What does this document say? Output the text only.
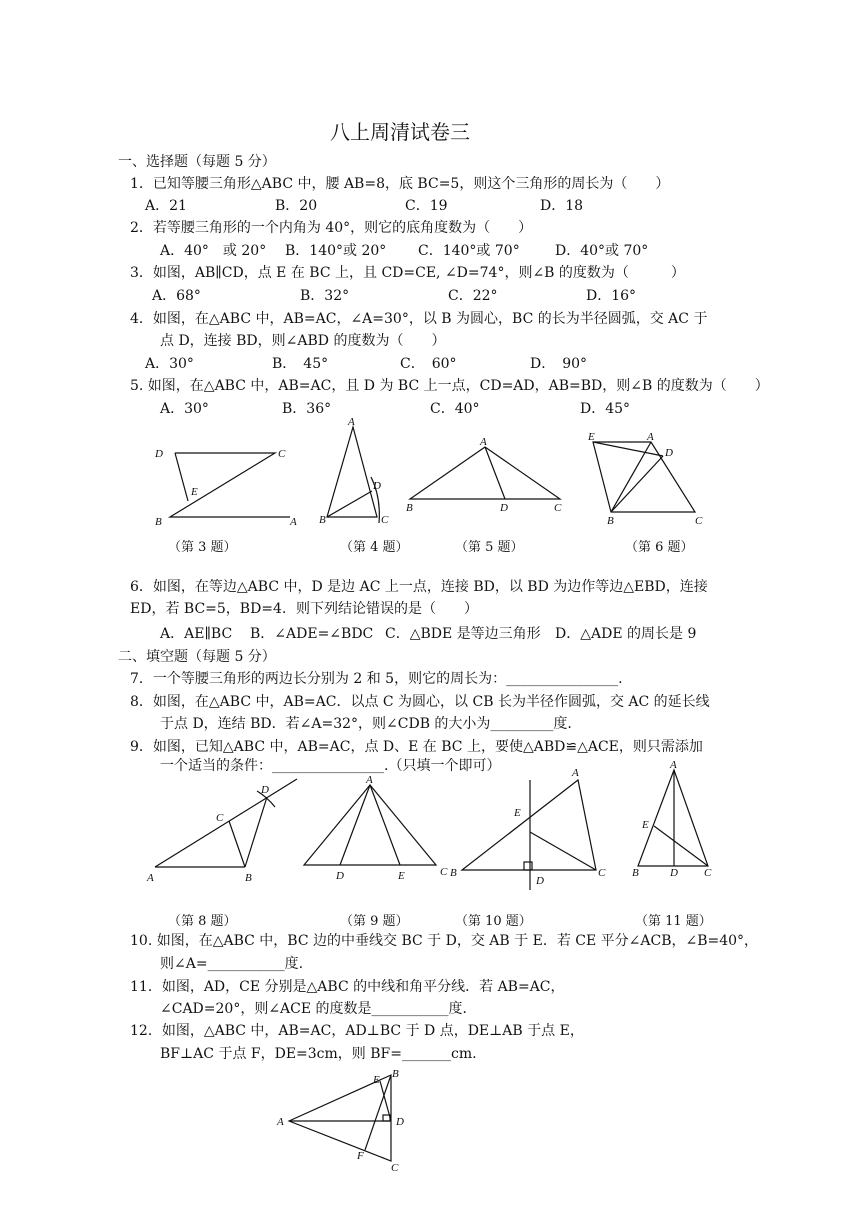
八上周清试卷三
一、选择题（每题 5 分）
1．已知等腰三角形△ABC 中，腰 AB=8，底 BC=5，则这个三角形的周长为（　　）
A．21	B．20	C．19	D．18
2．若等腰三角形的一个内角为 40°，则它的底角度数为（　　）
A．40°　或 20° B．140°或 20° C．140°或 70°	D．40°或 70°
3．如图，AB∥CD，点 E 在 BC 上，且 CD=CE, ∠D=74°，则∠B 的度数为（　　　）
A．68°	B．32°	C．22°	D．16°
4．如图，在△ABC 中，AB=AC，∠A=30°，以 B 为圆心，BC 的长为半径圆弧，交 AC 于
点 D，连接 BD，则∠ABD 的度数为（　　）
A．30°	B．　45°	C．　60°	D．　90°
5. 如图，在△ABC 中，AB=AC，且 D 为 BC 上一点，CD=AD，AB=BD，则∠B 的度数为（　　）
A．30°	B．36°	C．40°	D．45°
D	C
E
B	A
A
D
B	C
A
B	D	C
E	A
D
B	C
（第 3 题）	（第 4 题）	（第 5 题）	（第 6 题）
6．如图，在等边△ABC 中，D 是边 AC 上一点，连接 BD，以 BD 为边作等边△EBD，连接
ED，若 BC=5，BD=4．则下列结论错误的是（　　）
A．AE∥BC B．∠ADE=∠BDC C．△BDE 是等边三角形 D．△ADE 的周长是 9
二、填空题（每题 5 分）
7．一个等腰三角形的两边长分别为 2 和 5，则它的周长为：________________.
8．如图，在△ABC 中，AB=AC．以点 C 为圆心，以 CB 长为半径作圆弧，交 AC 的延长线
于点 D，连结 BD．若∠A=32°，则∠CDB 的大小为_________度.
9．如图，已知△ABC 中，AB=AC，点 D、E 在 BC 上，要使△ABD≌△ACE，则只需添加
一个适当的条件：________________.（只填一个即可）
D
C
A	B
A
D	E	C
A
E
B
D
C
A
E
B	D C
（第 8 题）	（第 9 题）	（第 10 题）	（第 11 题）
10. 如图，在△ABC 中，BC 边的中垂线交 BC 于 D，交 AB 于 E．若 CE 平分∠ACB，∠B=40°，
则∠A=___________度.
11．如图，AD，CE 分别是△ABC 的中线和角平分线．若 AB=AC，
∠CAD=20°，则∠ACE 的度数是___________度．
12．如图，△ABC 中，AB=AC，AD⊥BC 于 D 点，DE⊥AB 于点 E，
BF⊥AC 于点 F，DE=3cm，则 BF=_______cm.
E B
A	D
F
C
